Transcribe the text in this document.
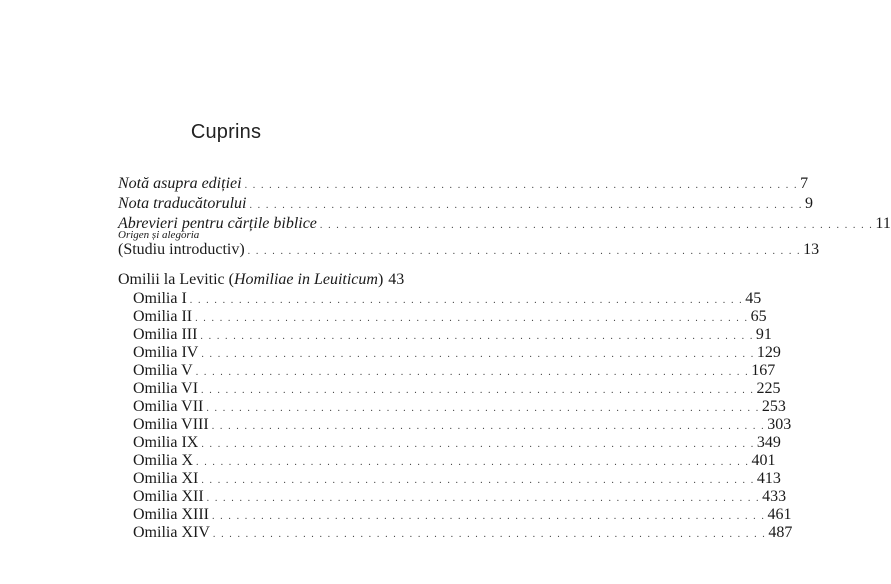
Cuprins
Notă asupra ediției . . . . . . . . . . . . . . . . . . . . . . . . . . . . . . . . . . . . . . . . . . . . . . . . . . . . . . . . . . . . . . . . . . . . 7
Nota traducătorului . . . . . . . . . . . . . . . . . . . . . . . . . . . . . . . . . . . . . . . . . . . . . . . . . . . . . . . . . . . . . . . . . . . . 9
Abrevieri pentru cărțile biblice . . . . . . . . . . . . . . . . . . . . . . . . . . . . . . . . . . . . . . . . . . . . . . . . . . . . . . . . . . . . . . . . . . . . 11
Origen și alegoria
(Studiu introductiv) . . . . . . . . . . . . . . . . . . . . . . . . . . . . . . . . . . . . . . . . . . . . . . . . . . . . . . . . . . . . . . . . . . . . 13
Omilii la Levitic (Homiliae in Leuiticum) 43
Omilia I . . . . . . . . . . . . . . . . . . . . . . . . . . . . . . . . . . . . . . . . . . . . . . . . . . . . . . . . . . . . . . . . . . . . 45
Omilia II . . . . . . . . . . . . . . . . . . . . . . . . . . . . . . . . . . . . . . . . . . . . . . . . . . . . . . . . . . . . . . . . . . . . 65
Omilia III . . . . . . . . . . . . . . . . . . . . . . . . . . . . . . . . . . . . . . . . . . . . . . . . . . . . . . . . . . . . . . . . . . . . 91
Omilia IV . . . . . . . . . . . . . . . . . . . . . . . . . . . . . . . . . . . . . . . . . . . . . . . . . . . . . . . . . . . . . . . . . . . . 129
Omilia V . . . . . . . . . . . . . . . . . . . . . . . . . . . . . . . . . . . . . . . . . . . . . . . . . . . . . . . . . . . . . . . . . . . . 167
Omilia VI . . . . . . . . . . . . . . . . . . . . . . . . . . . . . . . . . . . . . . . . . . . . . . . . . . . . . . . . . . . . . . . . . . . . 225
Omilia VII . . . . . . . . . . . . . . . . . . . . . . . . . . . . . . . . . . . . . . . . . . . . . . . . . . . . . . . . . . . . . . . . . . . . 253
Omilia VIII . . . . . . . . . . . . . . . . . . . . . . . . . . . . . . . . . . . . . . . . . . . . . . . . . . . . . . . . . . . . . . . . . . . . 303
Omilia IX . . . . . . . . . . . . . . . . . . . . . . . . . . . . . . . . . . . . . . . . . . . . . . . . . . . . . . . . . . . . . . . . . . . . 349
Omilia X . . . . . . . . . . . . . . . . . . . . . . . . . . . . . . . . . . . . . . . . . . . . . . . . . . . . . . . . . . . . . . . . . . . . 401
Omilia XI . . . . . . . . . . . . . . . . . . . . . . . . . . . . . . . . . . . . . . . . . . . . . . . . . . . . . . . . . . . . . . . . . . . . 413
Omilia XII . . . . . . . . . . . . . . . . . . . . . . . . . . . . . . . . . . . . . . . . . . . . . . . . . . . . . . . . . . . . . . . . . . . . 433
Omilia XIII . . . . . . . . . . . . . . . . . . . . . . . . . . . . . . . . . . . . . . . . . . . . . . . . . . . . . . . . . . . . . . . . . . . . 461
Omilia XIV . . . . . . . . . . . . . . . . . . . . . . . . . . . . . . . . . . . . . . . . . . . . . . . . . . . . . . . . . . . . . . . . . . . . 487
